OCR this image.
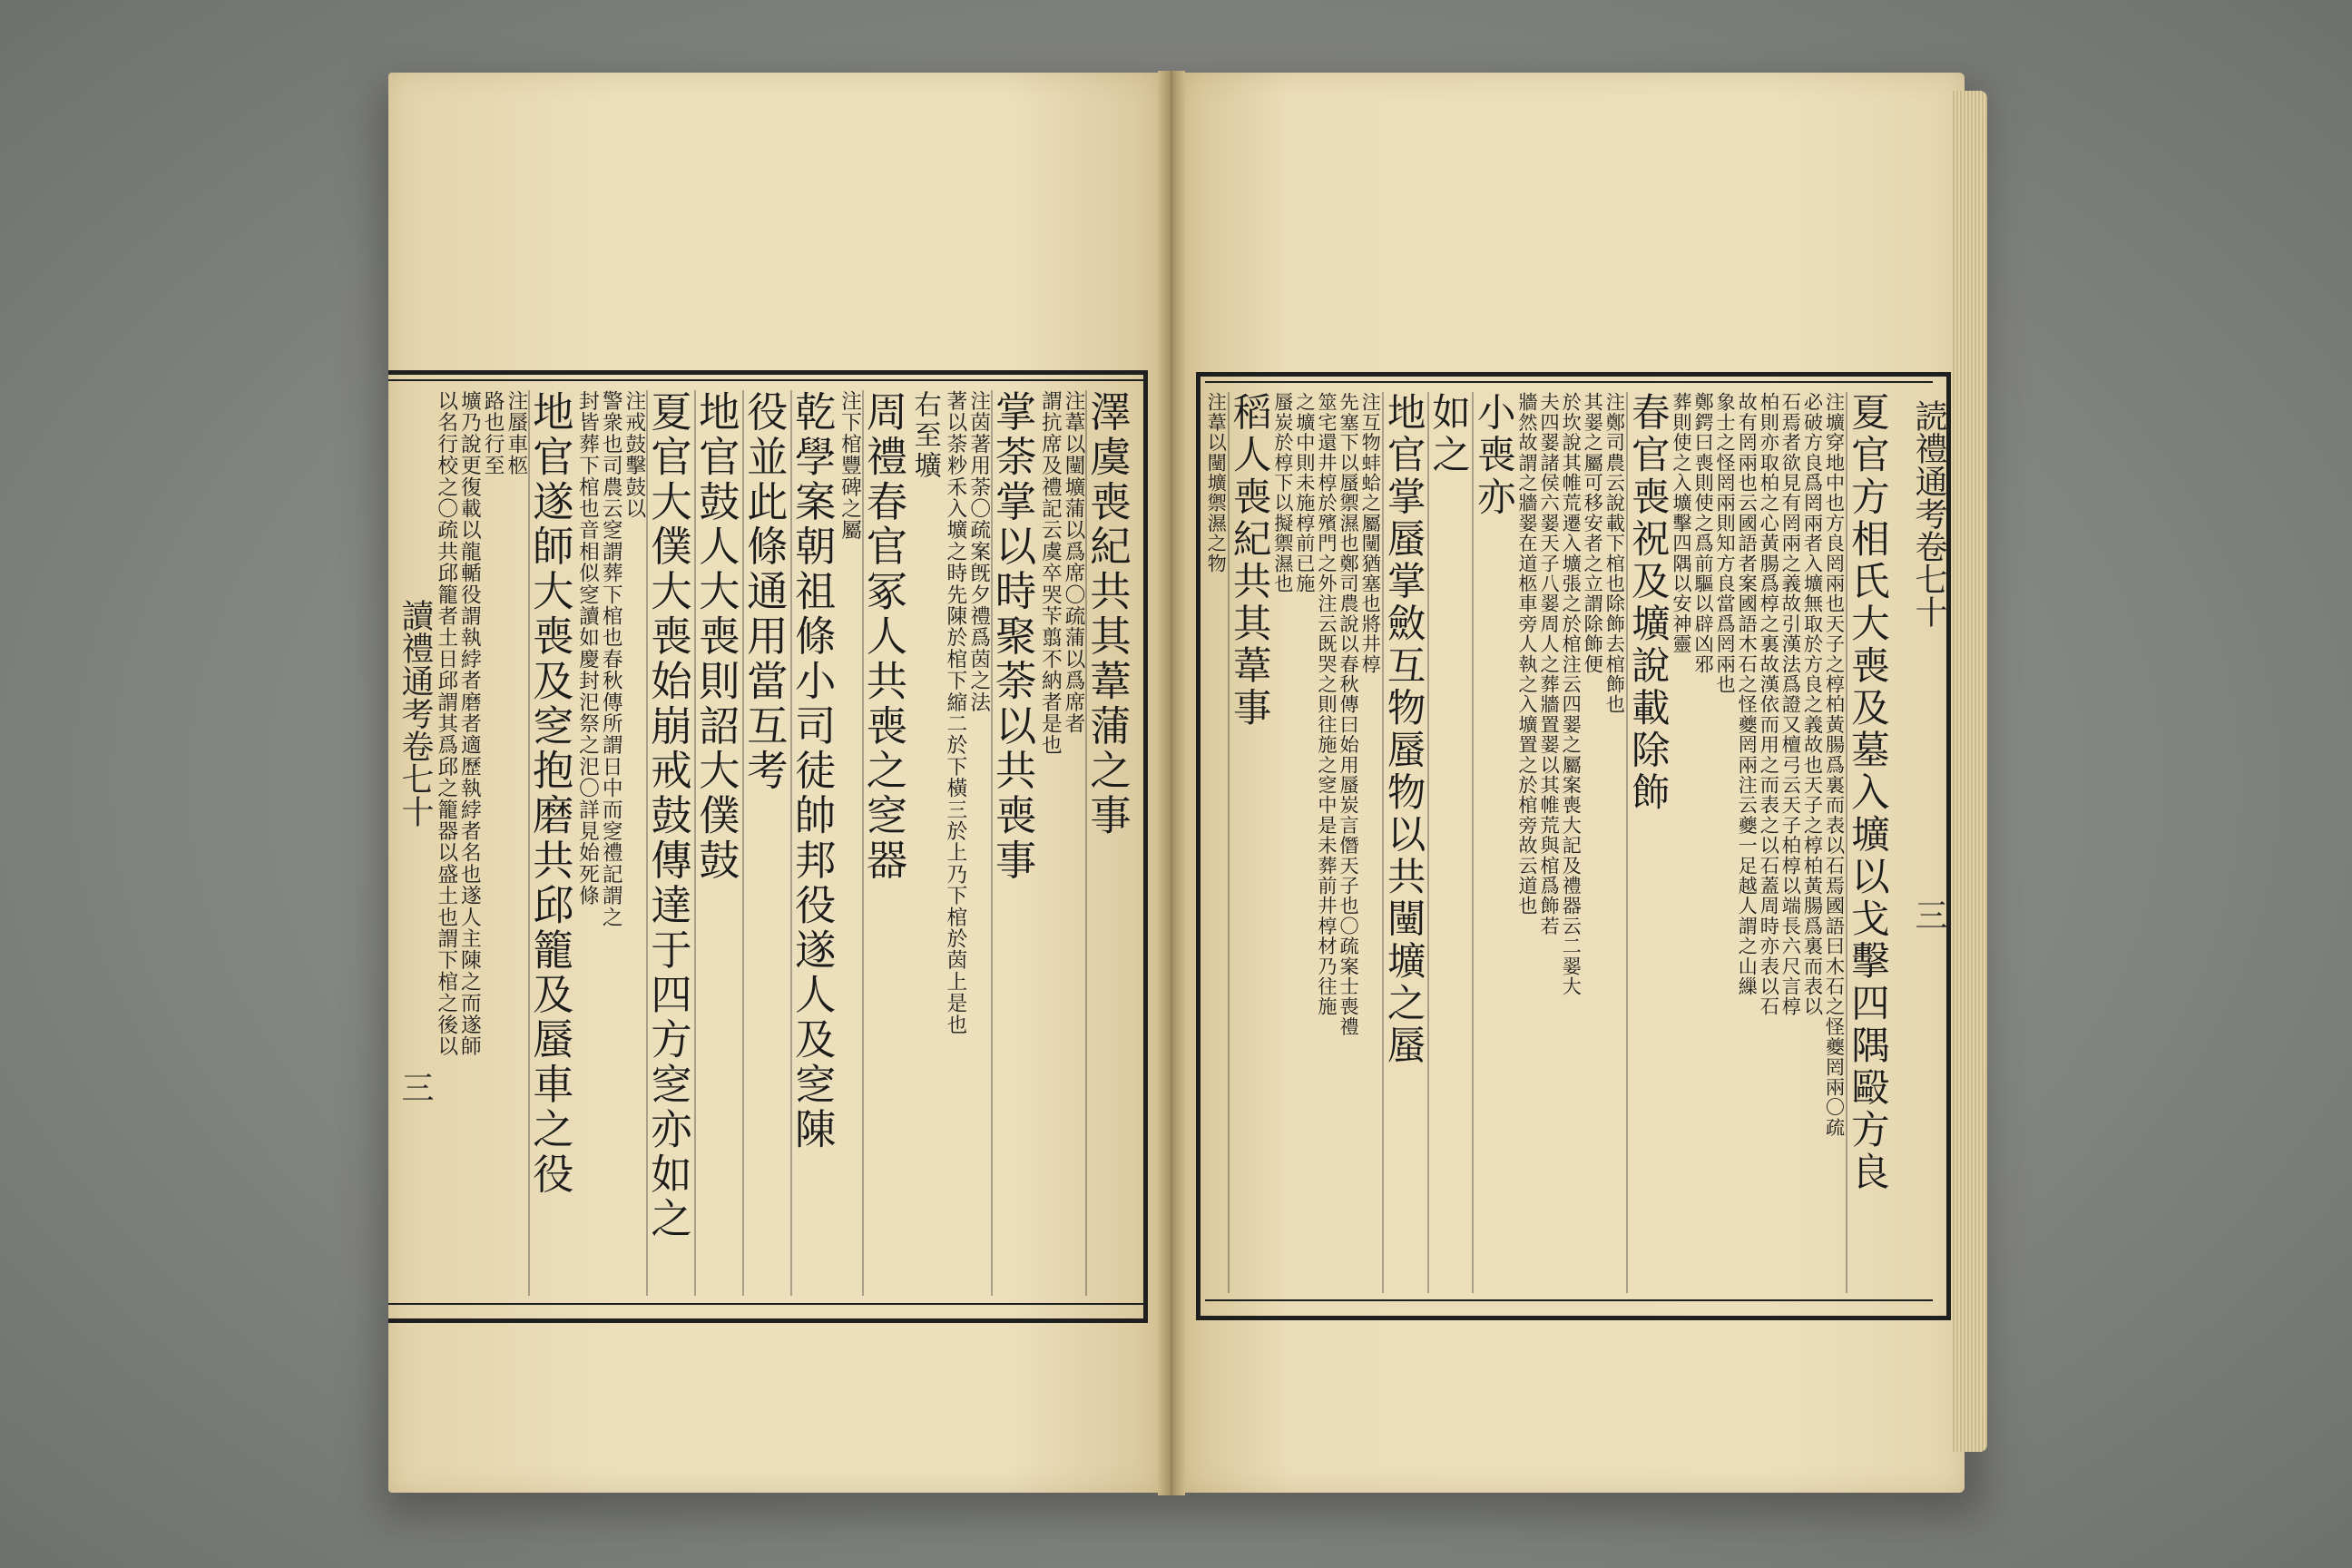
読禮通考卷七十
三
讀禮通考卷七十
三	夏官方相氏大喪及墓入壙以戈擊四隅毆方良
注壙穿地中也方良罔兩也天子之椁柏黃腸爲裏而表以石焉國語曰木石之怪夔罔兩〇疏
必破方良爲罔兩者入壙無取於方良之義故也天子之椁柏黃腸爲裏而表以
石焉者欲見有罔兩之義故引漢法爲證又檀弓云天子柏椁以端長六尺言椁
柏則亦取柏之心黃腸爲椁之裏故漢依而用之而表之以石蓋周時亦表以石
故有罔兩也云國語者案國語木石之怪夔罔兩注云夔一足越人謂之山繅
象士之怪罔兩則知方良當爲罔兩也
鄭鍔曰喪則使之爲前驅以辟凶邪
葬則使之入壙擊四隅以安神靈
春官喪祝及壙說載除飾
注鄭司農云說載下棺也除飾去棺飾也
其翣之屬可移安者之立謂除飾便
於坎說其帷荒遷入壙張之於棺注云四翣之屬案喪大記及禮器云二翣大
夫四翣諸侯六翣天子八翣周人之葬牆置翣以其帷荒與棺爲飾若
牆然故謂之牆翣在道柩車旁人執之入壙置之於棺旁故云道也
小喪亦
如之
地官掌蜃掌斂互物蜃物以共闉壙之蜃
注互物蚌蛤之屬闉猶塞也將井椁
先塞下以蜃禦濕也鄭司農說以春秋傳曰始用蜃炭言僭天子也〇疏案士喪禮
筮宅還井椁於殯門之外注云既哭之則往施之窆中是未葬前井椁材乃往施
之壙中則未施椁前已施
蜃炭於椁下以擬禦濕也
稻人喪紀共其葦事
注葦以闉壙禦濕之物
澤虞喪紀共其葦蒲之事
注葦以闉壙蒲以爲席〇疏蒲以爲席者
謂抗席及禮記云虞卒哭苄翦不納者是也
掌荼掌以時聚荼以共喪事
注茵著用荼〇疏案旣夕禮爲茵之法
著以荼粆禾入壙之時先陳於棺下縮二於下橫三於上乃下棺於茵上是也
右至壙
周禮春官冢人共喪之窆器
注下棺豐碑之屬
乾學案朝祖條小司徒帥邦役遂人及窆陳
役並此條通用當互考
地官鼓人大喪則詔大僕鼓
夏官大僕大喪始崩戒鼓傳達于四方窆亦如之
注戒鼓擊鼓以
警衆也司農云窆謂葬下棺也春秋傳所謂日中而窆禮記謂之
封皆葬下棺也音相似窆讀如慶封汜祭之汜〇詳見始死條
地官遂師大喪及窆抱磨共邱籠及蜃車之役
注蜃車柩
路也行至
壙乃說更復載以龍輴役謂執綍者磨者適歷執綍者名也遂人主陳之而遂師
以名行校之〇疏共邱籠者土日邱謂其爲邱之籠器以盛土也謂下棺之後以
